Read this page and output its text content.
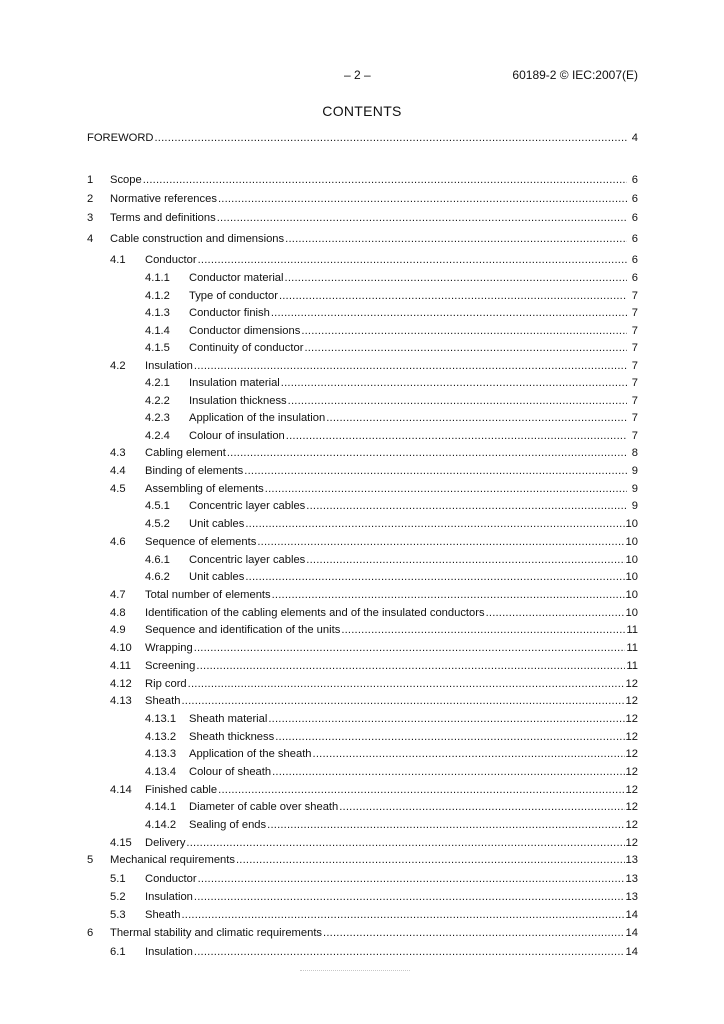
– 2 –	60189-2 © IEC:2007(E)
CONTENTS
FOREWORD .....	4
1 Scope .....	6
2 Normative references .....	6
3 Terms and definitions .....	6
4 Cable construction and dimensions .....	6
4.1 Conductor .....	6
4.1.1 Conductor material .....	6
4.1.2 Type of conductor .....	7
4.1.3 Conductor finish .....	7
4.1.4 Conductor dimensions .....	7
4.1.5 Continuity of conductor .....	7
4.2 Insulation .....	7
4.2.1 Insulation material .....	7
4.2.2 Insulation thickness .....	7
4.2.3 Application of the insulation .....	7
4.2.4 Colour of insulation .....	7
4.3 Cabling element .....	8
4.4 Binding of elements .....	9
4.5 Assembling of elements .....	9
4.5.1 Concentric layer cables .....	9
4.5.2 Unit cables .....	10
4.6 Sequence of elements .....	10
4.6.1 Concentric layer cables .....	10
4.6.2 Unit cables .....	10
4.7 Total number of elements .....	10
4.8 Identification of the cabling elements and of the insulated conductors .....	10
4.9 Sequence and identification of the units .....	11
4.10 Wrapping .....	11
4.11 Screening .....	11
4.12 Rip cord .....	12
4.13 Sheath .....	12
4.13.1 Sheath material .....	12
4.13.2 Sheath thickness .....	12
4.13.3 Application of the sheath .....	12
4.13.4 Colour of sheath .....	12
4.14 Finished cable .....	12
4.14.1 Diameter of cable over sheath .....	12
4.14.2 Sealing of ends .....	12
4.15 Delivery .....	12
5 Mechanical requirements .....	13
5.1 Conductor .....	13
5.2 Insulation .....	13
5.3 Sheath .....	14
6 Thermal stability and climatic requirements .....	14
6.1 Insulation .....	14
